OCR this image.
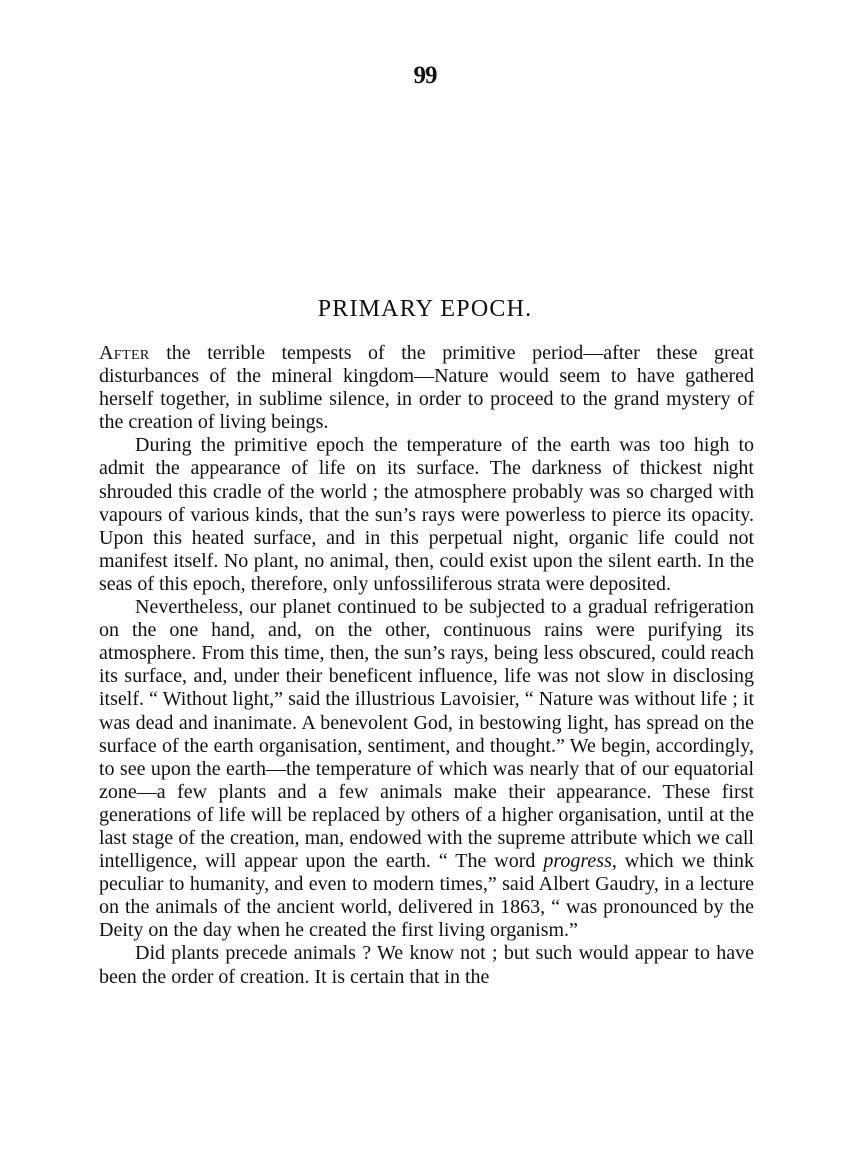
99
PRIMARY EPOCH.

After the terrible tempests of the primitive period—after these great disturbances of the mineral kingdom—Nature would seem to have gathered herself together, in sublime silence, in order to proceed to the grand mystery of the creation of living beings.

During the primitive epoch the temperature of the earth was too high to admit the appearance of life on its surface. The darkness of thickest night shrouded this cradle of the world ; the atmosphere probably was so charged with vapours of various kinds, that the sun’s rays were powerless to pierce its opacity. Upon this heated surface, and in this perpetual night, organic life could not manifest itself. No plant, no animal, then, could exist upon the silent earth. In the seas of this epoch, therefore, only unfossiliferous strata were deposited.

Nevertheless, our planet continued to be subjected to a gradual refrigeration on the one hand, and, on the other, continuous rains were purifying its atmosphere. From this time, then, the sun’s rays, being less obscured, could reach its surface, and, under their beneficent influence, life was not slow in disclosing itself. “ Without light,” said the illustrious Lavoisier, “ Nature was without life ; it was dead and inanimate. A benevolent God, in bestowing light, has spread on the surface of the earth organisation, sentiment, and thought.” We begin, accordingly, to see upon the earth—the temperature of which was nearly that of our equatorial zone—a few plants and a few animals make their appearance. These first generations of life will be replaced by others of a higher organisation, until at the last stage of the creation, man, endowed with the supreme attribute which we call intelligence, will appear upon the earth. “ The word progress, which we think peculiar to humanity, and even to modern times,” said Albert Gaudry, in a lecture on the animals of the ancient world, delivered in 1863, “ was pronounced by the Deity on the day when he created the first living organism.”

Did plants precede animals ? We know not ; but such would appear to have been the order of creation. It is certain that in the
